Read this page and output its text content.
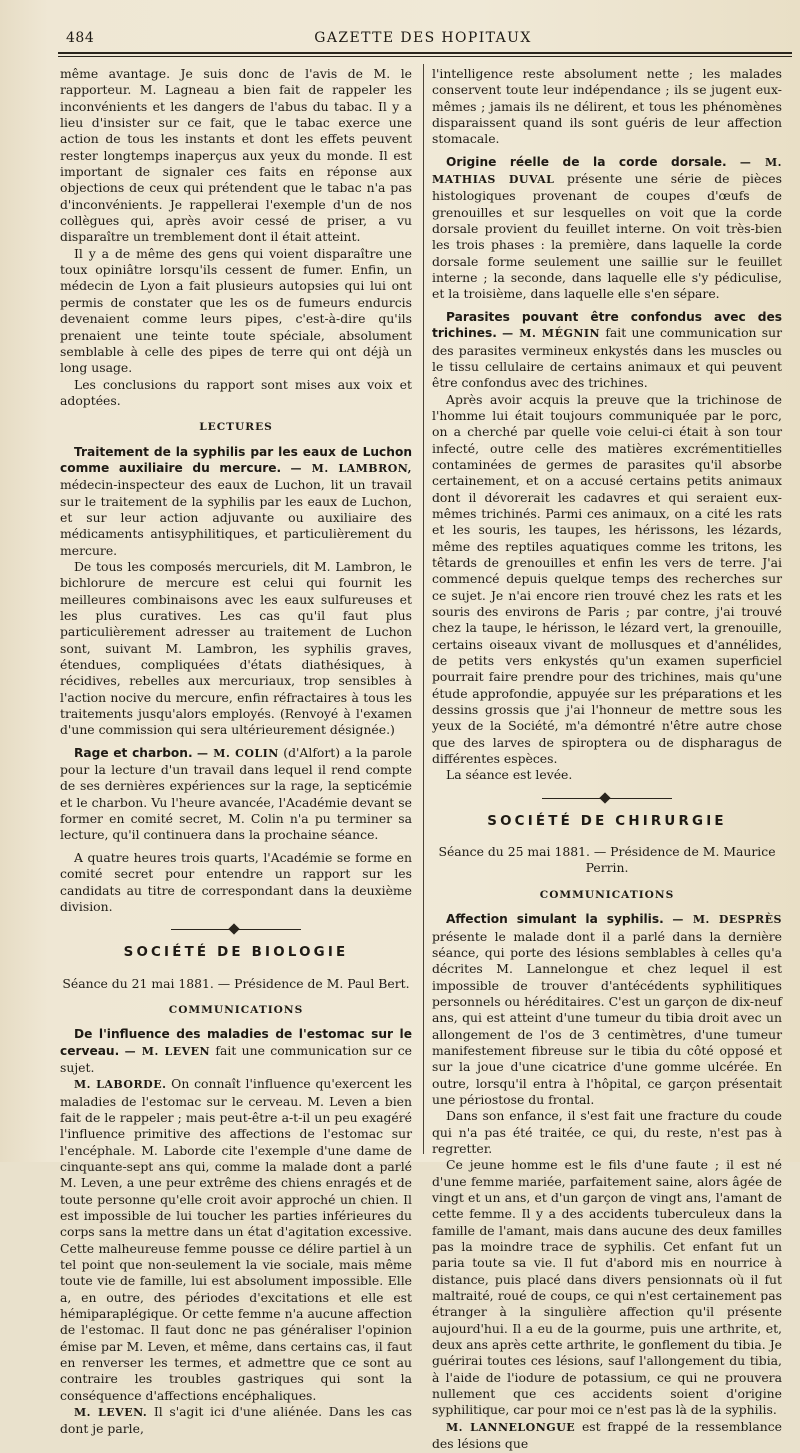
484	GAZETTE DES HOPITAUX

même avantage. Je suis donc de l'avis de M. le rapporteur. M. Lagneau a bien fait de rappeler les inconvénients et les dangers de l'abus du tabac. Il y a lieu d'insister sur ce fait, que le tabac exerce une action de tous les instants et dont les effets peuvent rester longtemps inaperçus aux yeux du monde. Il est important de signaler ces faits en réponse aux objections de ceux qui prétendent que le tabac n'a pas d'inconvénients. Je rappellerai l'exemple d'un de nos collègues qui, après avoir cessé de priser, a vu disparaître un tremblement dont il était atteint.

Il y a de même des gens qui voient disparaître une toux opiniâtre lorsqu'ils cessent de fumer. Enfin, un médecin de Lyon a fait plusieurs autopsies qui lui ont permis de constater que les os de fumeurs endurcis devenaient comme leurs pipes, c'est-à-dire qu'ils prenaient une teinte toute spéciale, absolument semblable à celle des pipes de terre qui ont déjà un long usage.

Les conclusions du rapport sont mises aux voix et adoptées.

LECTURES

Traitement de la syphilis par les eaux de Luchon comme auxiliaire du mercure. — M. LAMBRON, médecin-inspecteur des eaux de Luchon, lit un travail sur le traitement de la syphilis par les eaux de Luchon, et sur leur action adjuvante ou auxiliaire des médicaments antisyphilitiques, et particulièrement du mercure.

De tous les composés mercuriels, dit M. Lambron, le bichlorure de mercure est celui qui fournit les meilleures combinaisons avec les eaux sulfureuses et les plus curatives. Les cas qu'il faut plus particulièrement adresser au traitement de Luchon sont, suivant M. Lambron, les syphilis graves, étendues, compliquées d'états diathésiques, à récidives, rebelles aux mercuriaux, trop sensibles à l'action nocive du mercure, enfin réfractaires à tous les traitements jusqu'alors employés. (Renvoyé à l'examen d'une commission qui sera ultérieurement désignée.)

Rage et charbon. — M. COLIN (d'Alfort) a la parole pour la lecture d'un travail dans lequel il rend compte de ses dernières expériences sur la rage, la septicémie et le charbon. Vu l'heure avancée, l'Académie devant se former en comité secret, M. Colin n'a pu terminer sa lecture, qu'il continuera dans la prochaine séance.

A quatre heures trois quarts, l'Académie se forme en comité secret pour entendre un rapport sur les candidats au titre de correspondant dans la deuxième division.

SOCIÉTÉ DE BIOLOGIE
Séance du 21 mai 1881. — Présidence de M. Paul Bert.
COMMUNICATIONS

De l'influence des maladies de l'estomac sur le cerveau. — M. LEVEN fait une communication sur ce sujet.

M. LABORDE. On connaît l'influence qu'exercent les maladies de l'estomac sur le cerveau. M. Leven a bien fait de le rappeler ; mais peut-être a-t-il un peu exagéré l'influence primitive des affections de l'estomac sur l'encéphale. M. Laborde cite l'exemple d'une dame de cinquante-sept ans qui, comme la malade dont a parlé M. Leven, a une peur extrême des chiens enragés et de toute personne qu'elle croit avoir approché un chien. Il est impossible de lui toucher les parties inférieures du corps sans la mettre dans un état d'agitation excessive. Cette malheureuse femme pousse ce délire partiel à un tel point que non-seulement la vie sociale, mais même toute vie de famille, lui est absolument impossible. Elle a, en outre, des périodes d'excitations et elle est hémiparaplégique. Or cette femme n'a aucune affection de l'estomac. Il faut donc ne pas généraliser l'opinion émise par M. Leven, et même, dans certains cas, il faut en renverser les termes, et admettre que ce sont au contraire les troubles gastriques qui sont la conséquence d'affections encéphaliques.

M. LEVEN. Il s'agit ici d'une aliénée. Dans les cas dont je parle,

l'intelligence reste absolument nette ; les malades conservent toute leur indépendance ; ils se jugent eux-mêmes ; jamais ils ne délirent, et tous les phénomènes disparaissent quand ils sont guéris de leur affection stomacale.

Origine réelle de la corde dorsale. — M. MATHIAS DUVAL présente une série de pièces histologiques provenant de coupes d'œufs de grenouilles et sur lesquelles on voit que la corde dorsale provient du feuillet interne. On voit très-bien les trois phases : la première, dans laquelle la corde dorsale forme seulement une saillie sur le feuillet interne ; la seconde, dans laquelle elle s'y pédiculise, et la troisième, dans laquelle elle s'en sépare.

Parasites pouvant être confondus avec des trichines. — M. MÉGNIN fait une communication sur des parasites vermineux enkystés dans les muscles ou le tissu cellulaire de certains animaux et qui peuvent être confondus avec des trichines.

Après avoir acquis la preuve que la trichinose de l'homme lui était toujours communiquée par le porc, on a cherché par quelle voie celui-ci était à son tour infecté, outre celle des matières excrémentitielles contaminées de germes de parasites qu'il absorbe certainement, et on a accusé certains petits animaux dont il dévorerait les cadavres et qui seraient eux-mêmes trichinés. Parmi ces animaux, on a cité les rats et les souris, les taupes, les hérissons, les lézards, même des reptiles aquatiques comme les tritons, les têtards de grenouilles et enfin les vers de terre. J'ai commencé depuis quelque temps des recherches sur ce sujet. Je n'ai encore rien trouvé chez les rats et les souris des environs de Paris ; par contre, j'ai trouvé chez la taupe, le hérisson, le lézard vert, la grenouille, certains oiseaux vivant de mollusques et d'annélides, de petits vers enkystés qu'un examen superficiel pourrait faire prendre pour des trichines, mais qu'une étude approfondie, appuyée sur les préparations et les dessins grossis que j'ai l'honneur de mettre sous les yeux de la Société, m'a démontré n'être autre chose que des larves de spiroptera ou de dispharagus de différentes espèces.

La séance est levée.

SOCIÉTÉ DE CHIRURGIE
Séance du 25 mai 1881. — Présidence de M. Maurice Perrin.
COMMUNICATIONS

Affection simulant la syphilis. — M. DESPRÈS présente le malade dont il a parlé dans la dernière séance, qui porte des lésions semblables à celles qu'a décrites M. Lannelongue et chez lequel il est impossible de trouver d'antécédents syphilitiques personnels ou héréditaires. C'est un garçon de dix-neuf ans, qui est atteint d'une tumeur du tibia droit avec un allongement de l'os de 3 centimètres, d'une tumeur manifestement fibreuse sur le tibia du côté opposé et sur la joue d'une cicatrice d'une gomme ulcérée. En outre, lorsqu'il entra à l'hôpital, ce garçon présentait une périostose du frontal.

Dans son enfance, il s'est fait une fracture du coude qui n'a pas été traitée, ce qui, du reste, n'est pas à regretter.

Ce jeune homme est le fils d'une faute ; il est né d'une femme mariée, parfaitement saine, alors âgée de vingt et un ans, et d'un garçon de vingt ans, l'amant de cette femme. Il y a des accidents tuberculeux dans la famille de l'amant, mais dans aucune des deux familles pas la moindre trace de syphilis. Cet enfant fut un paria toute sa vie. Il fut d'abord mis en nourrice à distance, puis placé dans divers pensionnats où il fut maltraité, roué de coups, ce qui n'est certainement pas étranger à la singulière affection qu'il présente aujourd'hui. Il a eu de la gourme, puis une arthrite, et, deux ans après cette arthrite, le gonflement du tibia. Je guérirai toutes ces lésions, sauf l'allongement du tibia, à l'aide de l'iodure de potassium, ce qui ne prouvera nullement que ces accidents soient d'origine syphilitique, car pour moi ce n'est pas là de la syphilis.

M. LANNELONGUE est frappé de la ressemblance des lésions que
